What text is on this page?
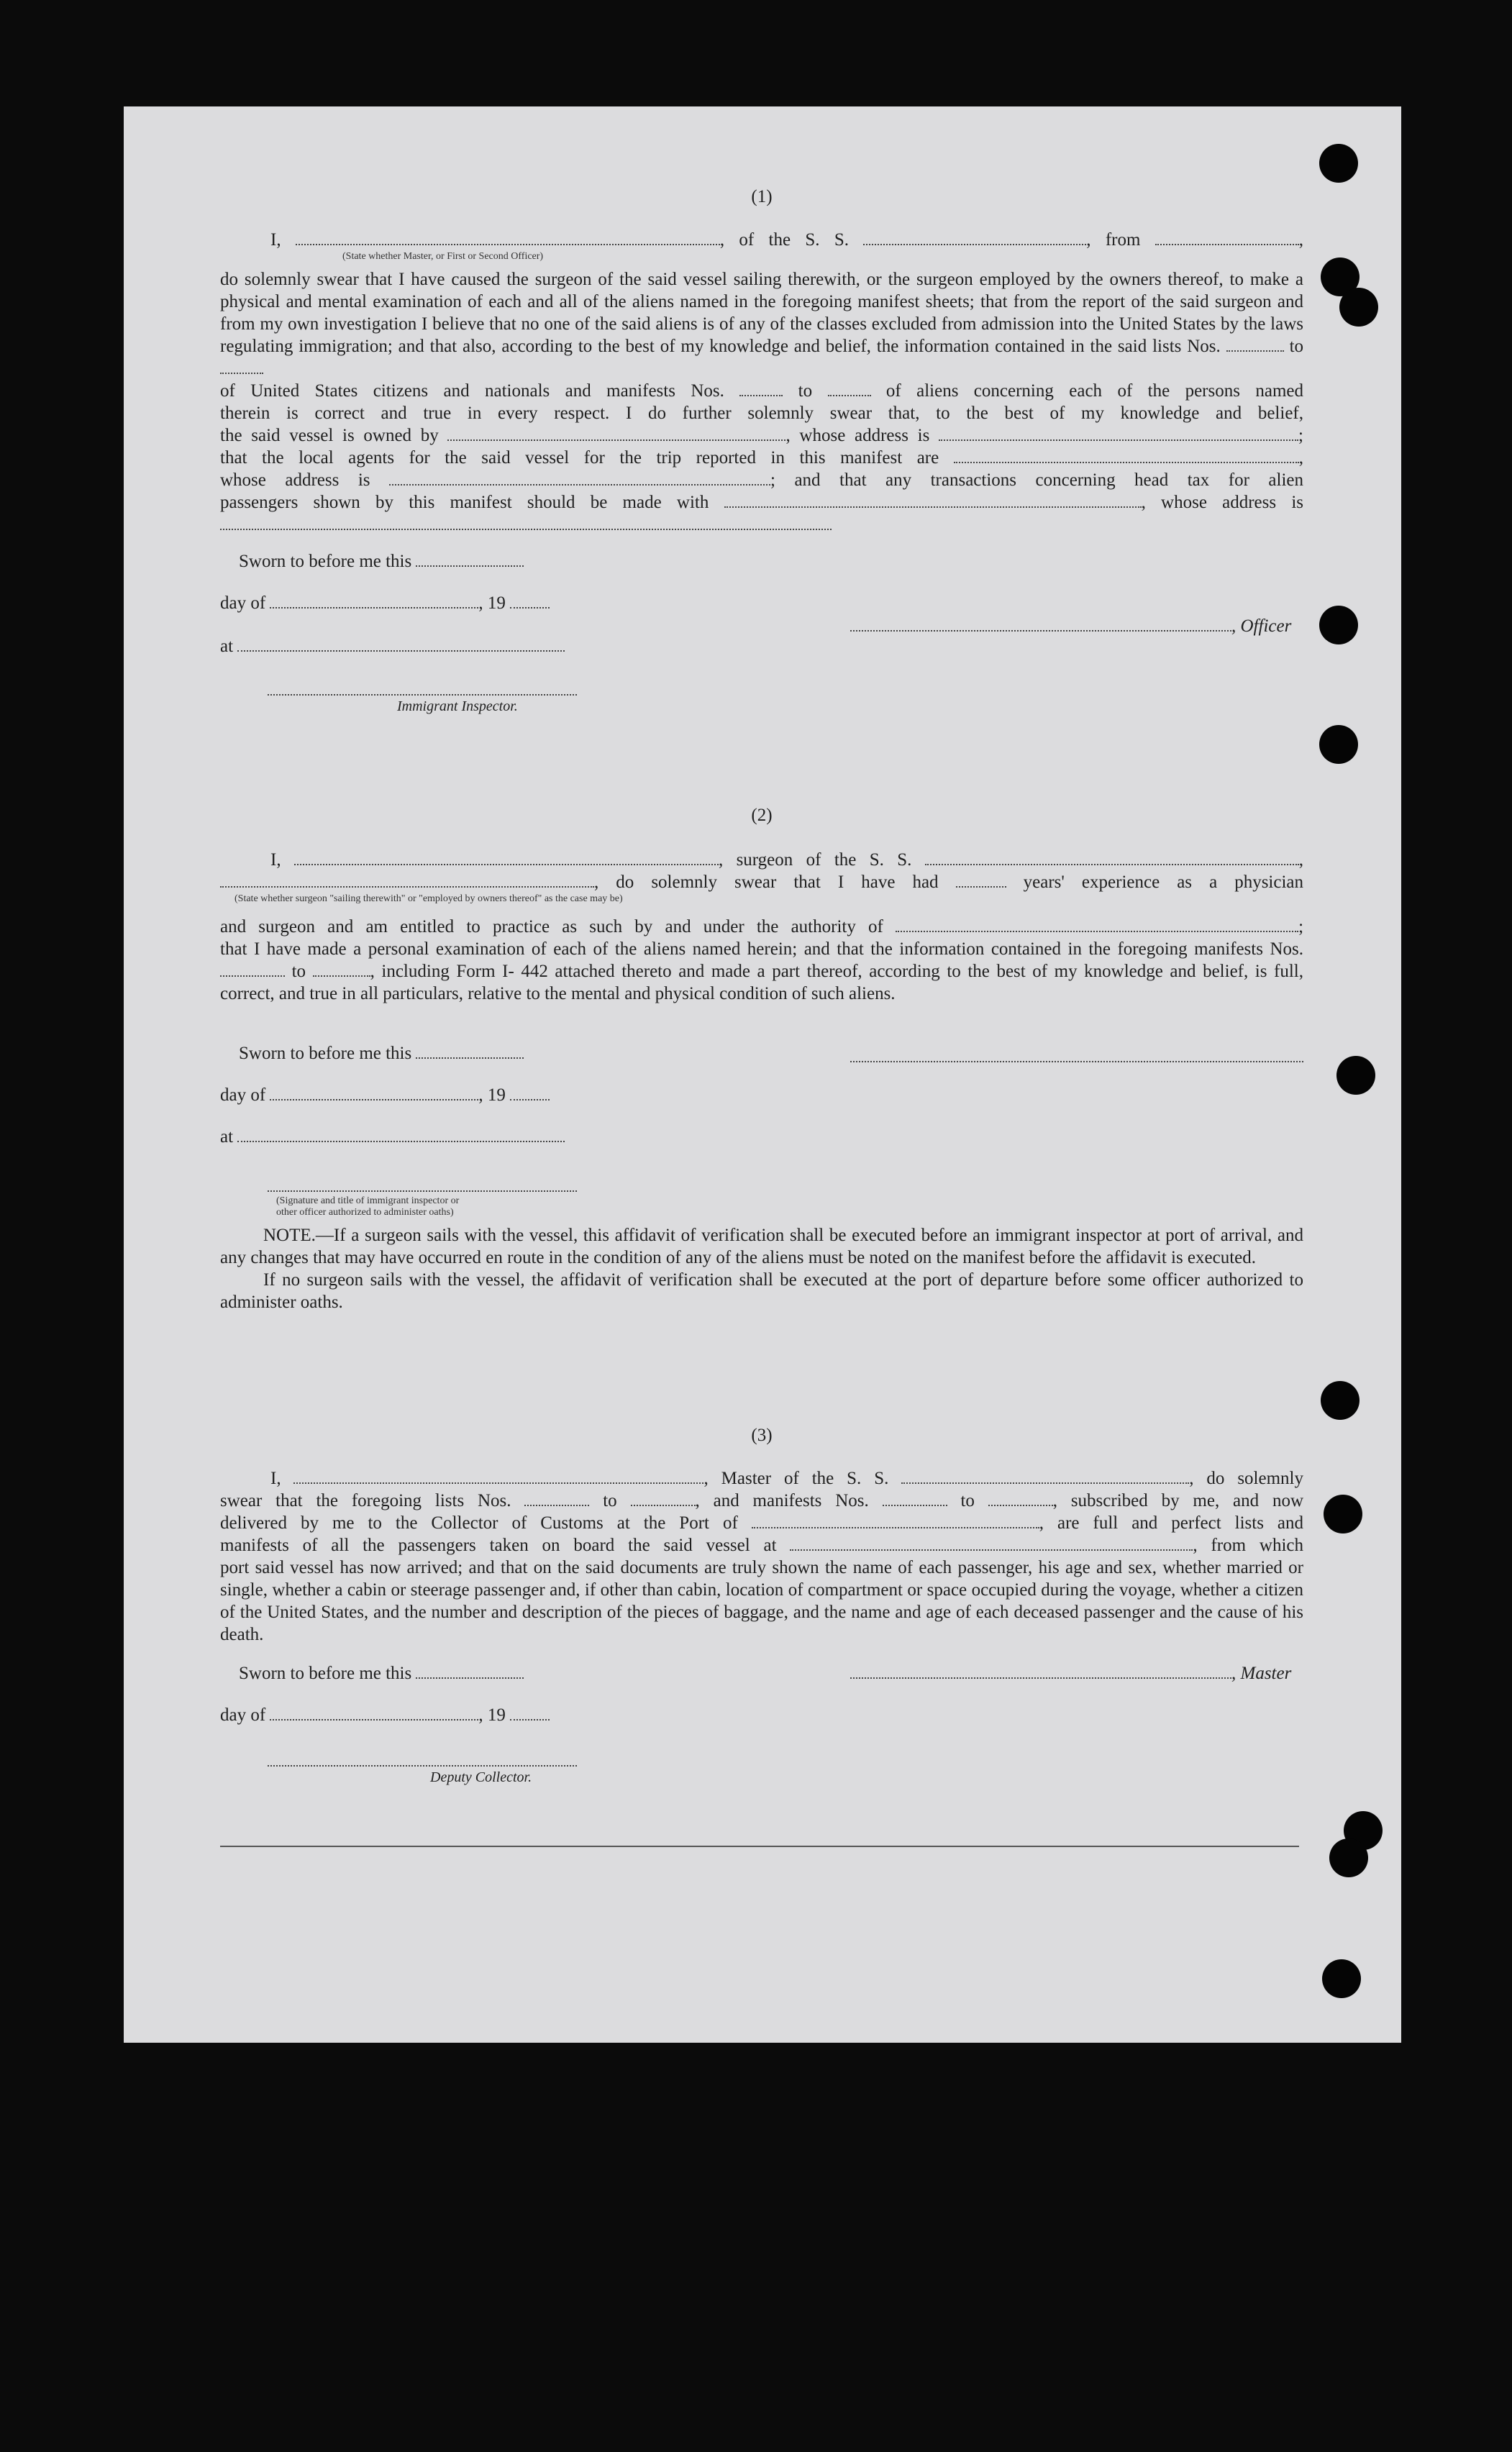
(1)

I,	, of the S. S.	, from	,

(State whether Master, or First or Second Officer)

do solemnly swear that I have caused the surgeon of the said vessel sailing therewith, or the surgeon employed by the owners thereof, to make a physical and mental examination of each and all of the aliens named in the foregoing manifest sheets; that from the report of the said surgeon and from my own investigation I believe that no one of the said aliens is of any of the classes excluded from admission into the United States by the laws regulating immigration; and that also, according to the best of my knowledge and belief, the information contained in the said lists Nos.	to

of United States citizens and nationals and manifests Nos.	to	of aliens concerning each of the persons named

therein is correct and true in every respect. I do further solemnly swear that, to the best of my knowledge and belief,

the said vessel is owned by	, whose address is	;

that the local agents for the said vessel for the trip reported in this manifest are	,

whose address is	; and that any transactions concerning head tax for alien

passengers shown by this manifest should be made with	, whose address is

Sworn to before me this
day of	, 19
at
, Officer
Immigrant Inspector.

(2)

I,	, surgeon of the S. S.	,

, do solemnly swear that I have had	years' experience as a physician

(State whether surgeon "sailing therewith" or "employed by owners thereof" as the case may be)

and surgeon and am entitled to practice as such by and under the authority of	;

that I have made a personal examination of each of the aliens named herein; and that the information contained in the foregoing manifests Nos.  to	, including Form I- 442 attached thereto and made a part thereof, according to the best of my knowledge and belief, is full, correct, and true in all particulars, relative to the mental and physical condition of such aliens.

Sworn to before me this
day of	, 19
at
(Signature and title of immigrant inspector or
other officer authorized to administer oaths)

NOTE.—If a surgeon sails with the vessel, this affidavit of verification shall be executed before an immigrant inspector at port of arrival, and any changes that may have occurred en route in the condition of any of the aliens must be noted on the manifest before the affidavit is executed.

If no surgeon sails with the vessel, the affidavit of verification shall be executed at the port of departure before some officer authorized to administer oaths.

(3)

I,	, Master of the S. S.	, do solemnly

swear that the foregoing lists Nos.	to	, and manifests Nos.	to	, subscribed by me, and now

delivered by me to the Collector of Customs at the Port of	, are full and perfect lists and

manifests of all the passengers taken on board the said vessel at	, from which

port said vessel has now arrived; and that on the said documents are truly shown the name of each passenger, his age and sex, whether married or single, whether a cabin or steerage passenger and, if other than cabin, location of compartment or space occupied during the voyage, whether a citizen of the United States, and the number and description of the pieces of baggage, and the name and age of each deceased passenger and the cause of his death.

Sworn to before me this	, Master
day of	, 19
Deputy Collector.
